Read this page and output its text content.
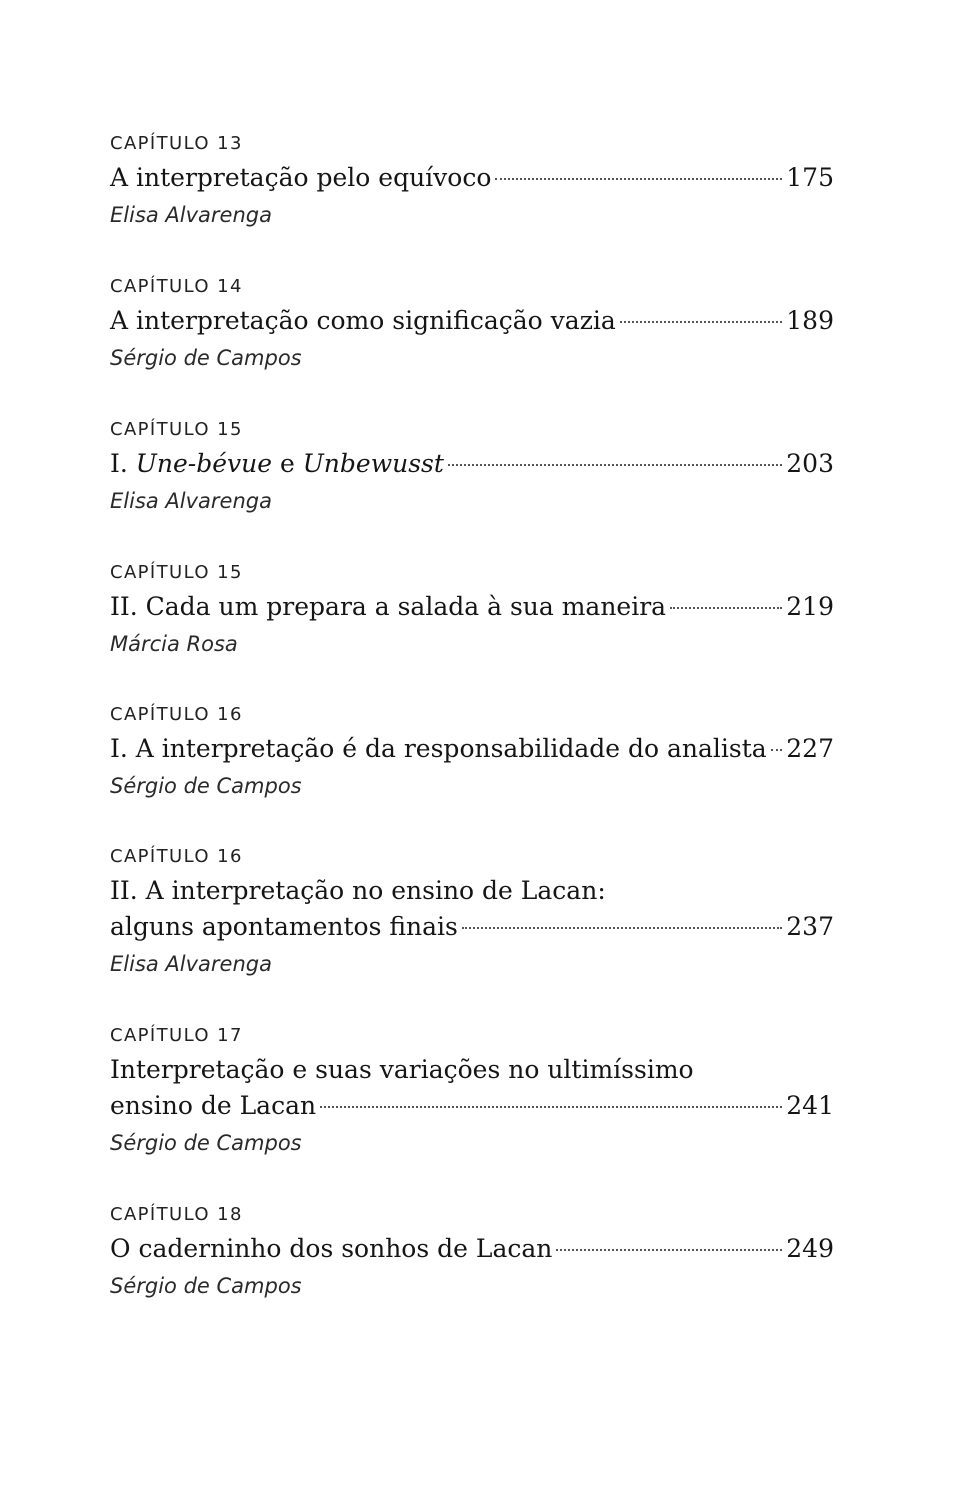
CAPÍTULO 13
A interpretação pelo equívoco	175
Elisa Alvarenga
CAPÍTULO 14
A interpretação como significação vazia	189
Sérgio de Campos
CAPÍTULO 15
I. Une-bévue e Unbewusst	203
Elisa Alvarenga
CAPÍTULO 15
II. Cada um prepara a salada à sua maneira	219
Márcia Rosa
CAPÍTULO 16
I. A interpretação é da responsabilidade do analista 227
Sérgio de Campos
CAPÍTULO 16
II. A interpretação no ensino de Lacan:
alguns apontamentos finais	237
Elisa Alvarenga
CAPÍTULO 17
Interpretação e suas variações no ultimíssimo
ensino de Lacan	241
Sérgio de Campos
CAPÍTULO 18
O caderninho dos sonhos de Lacan	249
Sérgio de Campos
